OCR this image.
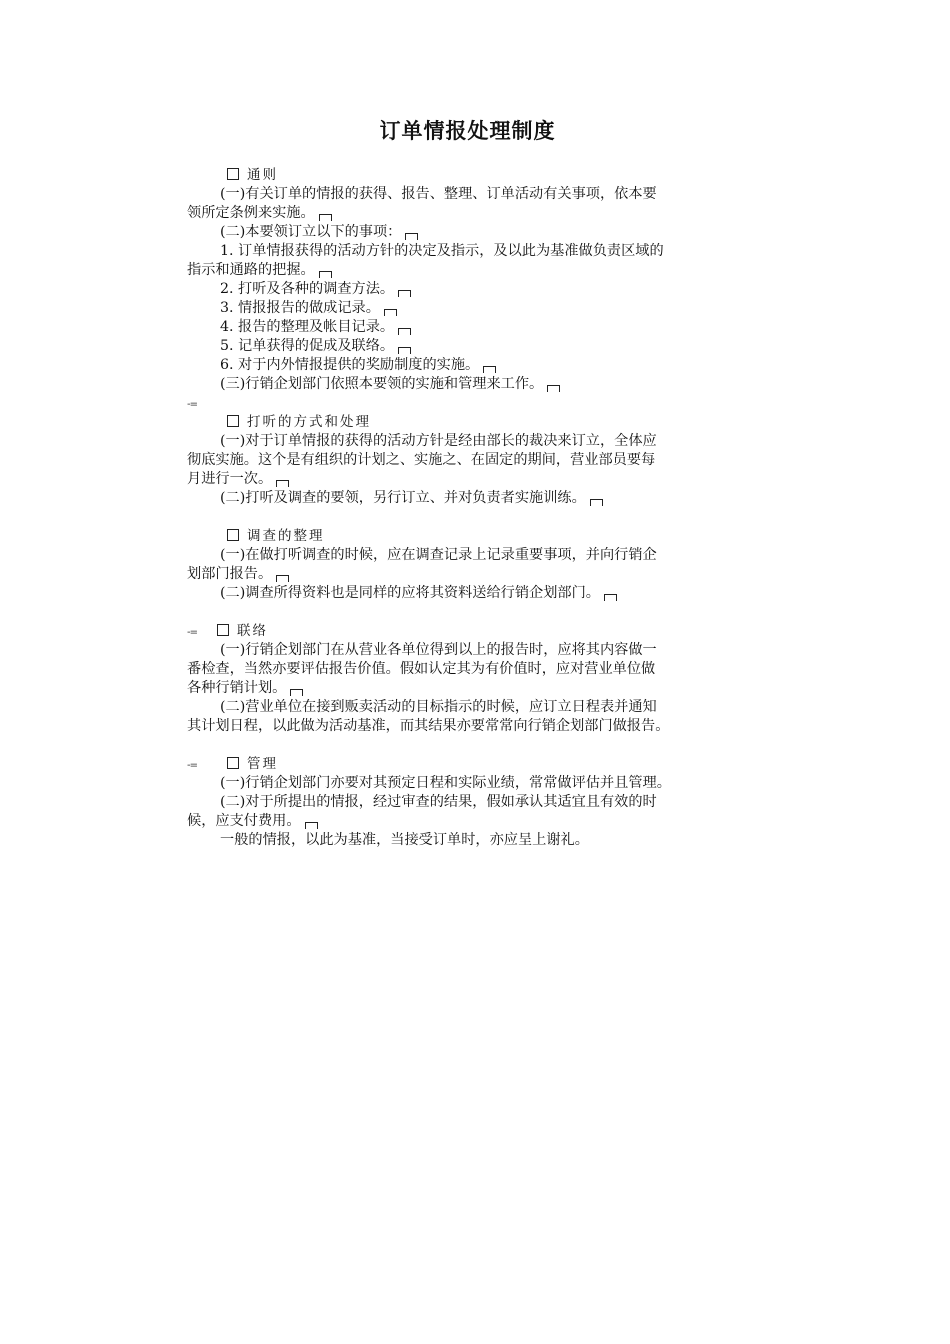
订单情报处理制度
通则
(一)有关订单的情报的获得、报告、整理、订单活动有关事项，依本要
领所定条例来实施。
(二)本要领订立以下的事项：
1. 订单情报获得的活动方针的决定及指示，及以此为基准做负责区域的
指示和通路的把握。
2. 打听及各种的调查方法。
3. 情报报告的做成记录。
4. 报告的整理及帐目记录。
5. 记单获得的促成及联络。
6. 对于内外情报提供的奖励制度的实施。
(三)行销企划部门依照本要领的实施和管理来工作。
-=
打听的方式和处理
(一)对于订单情报的获得的活动方针是经由部长的裁决来订立，全体应
彻底实施。这个是有组织的计划之、实施之、在固定的期间，营业部员要每
月进行一次。
(二)打听及调查的要领，另行订立、并对负责者实施训练。
调查的整理
(一)在做打听调查的时候，应在调查记录上记录重要事项，并向行销企
划部门报告。
(二)调查所得资料也是同样的应将其资料送给行销企划部门。
-=	联络
(一)行销企划部门在从营业各单位得到以上的报告时，应将其内容做一
番检查，当然亦要评估报告价值。假如认定其为有价值时，应对营业单位做
各种行销计划。
(二)营业单位在接到贩卖活动的目标指示的时候，应订立日程表并通知
其计划日程，以此做为活动基准，而其结果亦要常常向行销企划部门做报告。
-=	管理
(一)行销企划部门亦要对其预定日程和实际业绩，常常做评估并且管理。
(二)对于所提出的情报，经过审查的结果，假如承认其适宜且有效的时
候，应支付费用。
一般的情报，以此为基准，当接受订单时，亦应呈上谢礼。
